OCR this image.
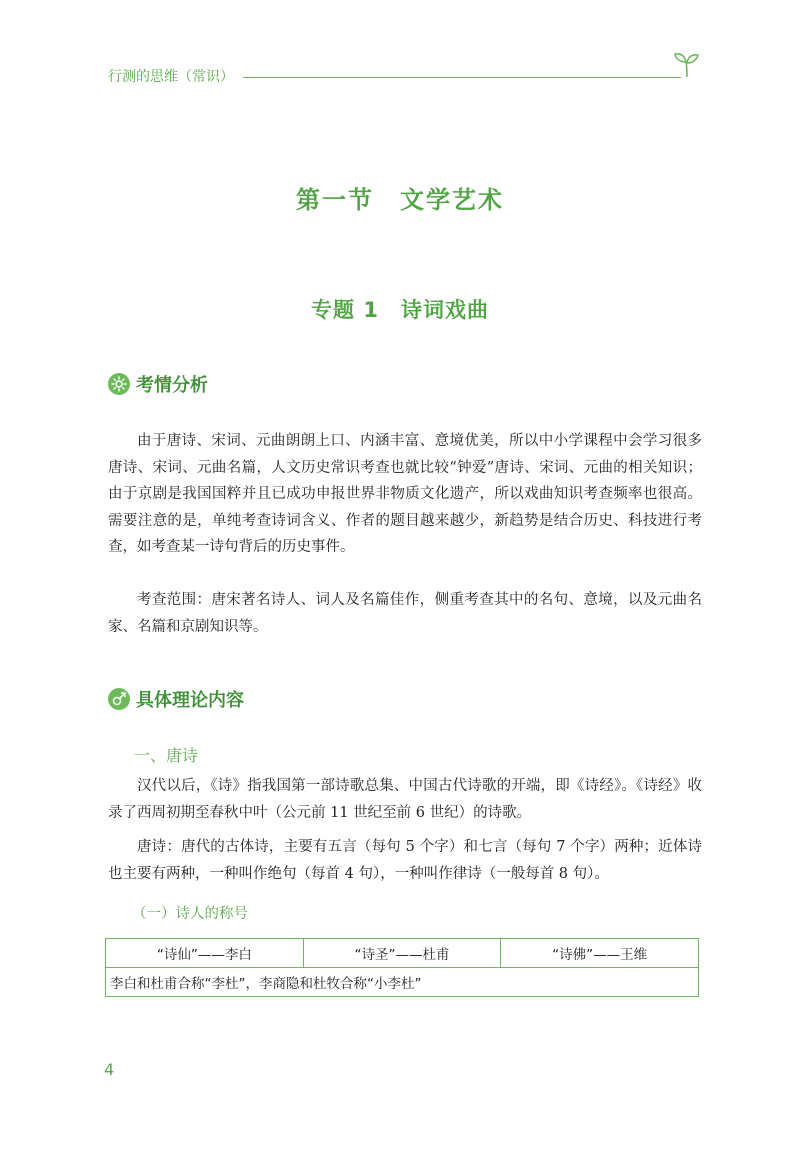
行测的思维（常识）
第一节　文学艺术
专题 1　诗词戏曲
考情分析

由于唐诗、宋词、元曲朗朗上口、内涵丰富、意境优美，所以中小学课程中会学习很多唐诗、宋词、元曲名篇，人文历史常识考查也就比较“钟爱”唐诗、宋词、元曲的相关知识；由于京剧是我国国粹并且已成功申报世界非物质文化遗产，所以戏曲知识考查频率也很高。需要注意的是，单纯考查诗词含义、作者的题目越来越少，新趋势是结合历史、科技进行考查，如考查某一诗句背后的历史事件。

考查范围：唐宋著名诗人、词人及名篇佳作，侧重考查其中的名句、意境，以及元曲名家、名篇和京剧知识等。

具体理论内容
一、唐诗

汉代以后，《诗》指我国第一部诗歌总集、中国古代诗歌的开端，即《诗经》。《诗经》收录了西周初期至春秋中叶（公元前 11 世纪至前 6 世纪）的诗歌。

唐诗：唐代的古体诗，主要有五言（每句 5 个字）和七言（每句 7 个字）两种；近体诗也主要有两种，一种叫作绝句（每首 4 句），一种叫作律诗（一般每首 8 句）。

（一）诗人的称号
“诗仙”——李白	“诗圣”——杜甫	“诗佛”——王维
李白和杜甫合称“李杜”，李商隐和杜牧合称“小李杜”
4
